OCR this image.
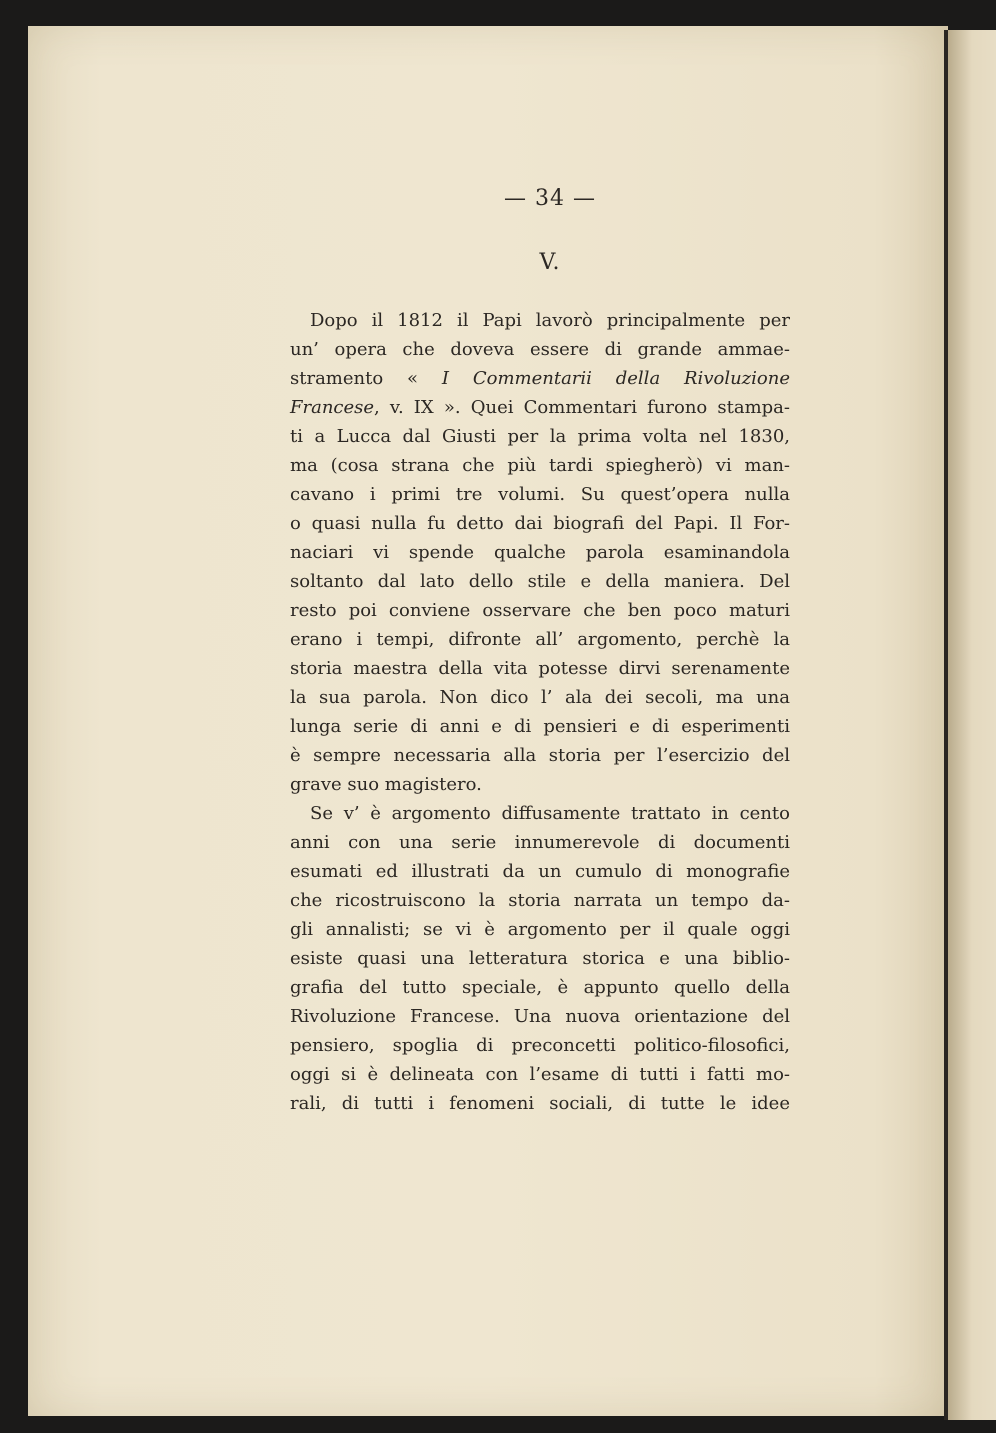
— 34 —
V.
Dopo il 1812 il Papi lavorò principalmente per
un’ opera che doveva essere di grande ammae-
stramento « I Commentarii della Rivoluzione
Francese, v. IX ». Quei Commentari furono stampa-
ti a Lucca dal Giusti per la prima volta nel 1830,
ma (cosa strana che più tardi spiegherò) vi man-
cavano i primi tre volumi. Su quest’opera nulla
o quasi nulla fu detto dai biografi del Papi. Il For-
naciari vi spende qualche parola esaminandola
soltanto dal lato dello stile e della maniera. Del
resto poi conviene osservare che ben poco maturi
erano i tempi, difronte all’ argomento, perchè la
storia maestra della vita potesse dirvi serenamente
la sua parola. Non dico l’ ala dei secoli, ma una
lunga serie di anni e di pensieri e di esperimenti
è sempre necessaria alla storia per l’esercizio del
grave suo magistero.
Se v’ è argomento diffusamente trattato in cento
anni con una serie innumerevole di documenti
esumati ed illustrati da un cumulo di monografie
che ricostruiscono la storia narrata un tempo da-
gli annalisti; se vi è argomento per il quale oggi
esiste quasi una letteratura storica e una biblio-
grafia del tutto speciale, è appunto quello della
Rivoluzione Francese. Una nuova orientazione del
pensiero, spoglia di preconcetti politico-filosofici,
oggi si è delineata con l’esame di tutti i fatti mo-
rali, di tutti i fenomeni sociali, di tutte le idee
